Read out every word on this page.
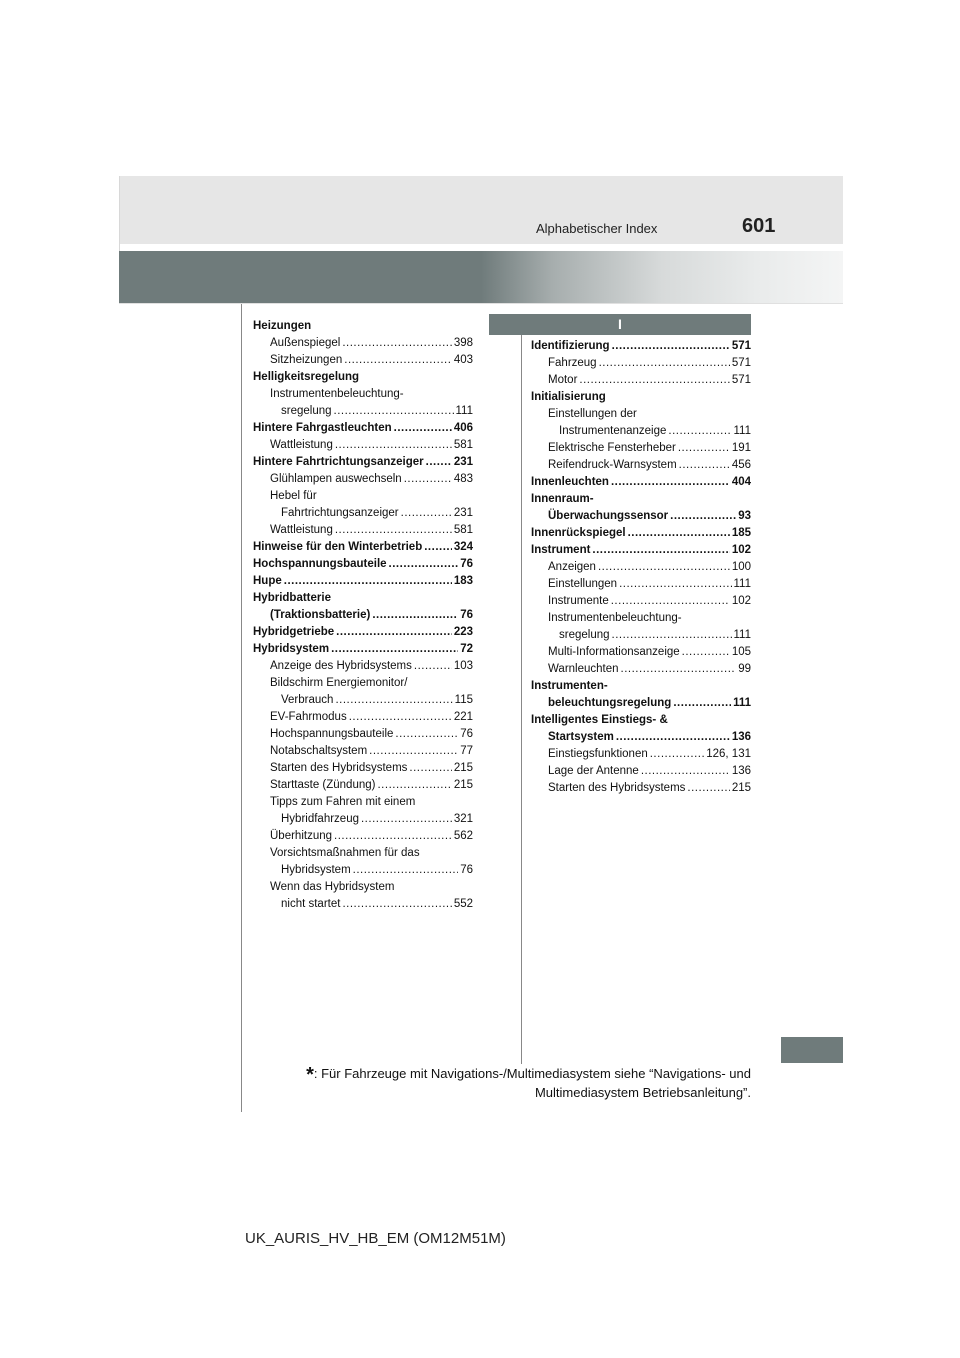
Alphabetischer Index	601
I
Heizungen
Außenspiegel .....	398
Sitzheizungen .....	403
Helligkeitsregelung
Instrumentenbeleuchtung-
sregelung .....	111
Hintere Fahrgastleuchten .....	406
Wattleistung .....	581
Hintere Fahrtrichtungsanzeiger .....	231
Glühlampen auswechseln .....	483
Hebel für
Fahrtrichtungsanzeiger .....	231
Wattleistung .....	581
Hinweise für den Winterbetrieb .....	324
Hochspannungsbauteile .....	76
Hupe .....	183
Hybridbatterie
(Traktionsbatterie) .....	76
Hybridgetriebe .....	223
Hybridsystem .....	72
Anzeige des Hybridsystems .....	103
Bildschirm Energiemonitor/
Verbrauch .....	115
EV-Fahrmodus .....	221
Hochspannungsbauteile .....	76
Notabschaltsystem .....	77
Starten des Hybridsystems .....	215
Starttaste (Zündung) .....	215
Tipps zum Fahren mit einem
Hybridfahrzeug .....	321
Überhitzung .....	562
Vorsichtsmaßnahmen für das
Hybridsystem .....	76
Wenn das Hybridsystem
nicht startet .....	552
Identifizierung .....	571
Fahrzeug .....	571
Motor .....	571
Initialisierung
Einstellungen der
Instrumentenanzeige .....	111
Elektrische Fensterheber .....	191
Reifendruck-Warnsystem .....	456
Innenleuchten .....	404
Innenraum-
Überwachungssensor .....	93
Innenrückspiegel .....	185
Instrument .....	102
Anzeigen .....	100
Einstellungen .....	111
Instrumente .....	102
Instrumentenbeleuchtung-
sregelung .....	111
Multi-Informationsanzeige .....	105
Warnleuchten .....	99
Instrumenten-
beleuchtungsregelung .....	111
Intelligentes Einstiegs- &
Startsystem .....	136
Einstiegsfunktionen .....	126, 131
Lage der Antenne .....	136
Starten des Hybridsystems .....	215
*: Für Fahrzeuge mit Navigations-/Multimediasystem siehe “Navigations- und
Multimediasystem Betriebsanleitung”.
UK_AURIS_HV_HB_EM (OM12M51M)
